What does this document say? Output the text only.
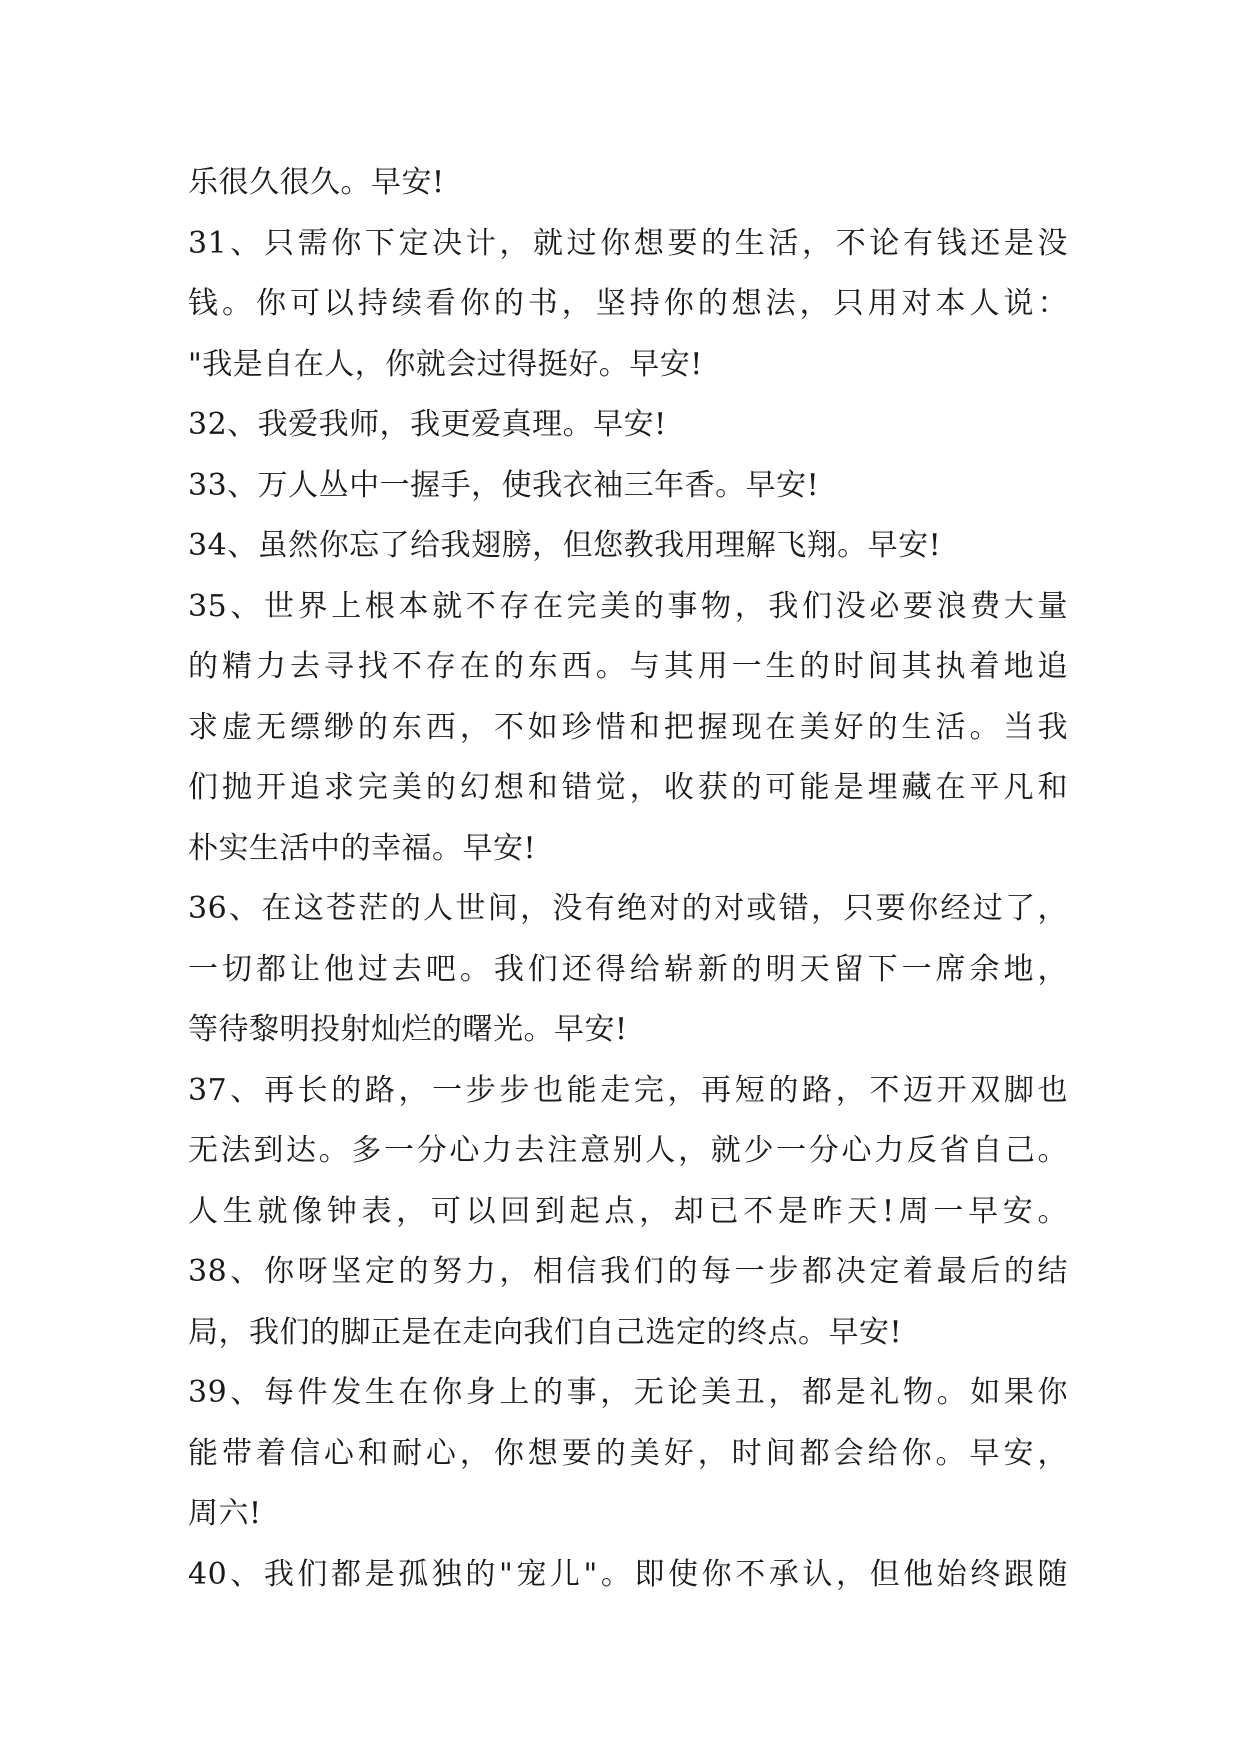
乐很久很久。早安!
31、只需你下定决计，就过你想要的生活，不论有钱还是没
钱。你可以持续看你的书，坚持你的想法，只用对本人说：
"我是自在人，你就会过得挺好。早安!
32、我爱我师，我更爱真理。早安!
33、万人丛中一握手，使我衣袖三年香。早安!
34、虽然你忘了给我翅膀，但您教我用理解飞翔。早安!
35、世界上根本就不存在完美的事物，我们没必要浪费大量
的精力去寻找不存在的东西。与其用一生的时间其执着地追
求虚无缥缈的东西，不如珍惜和把握现在美好的生活。当我
们抛开追求完美的幻想和错觉，收获的可能是埋藏在平凡和
朴实生活中的幸福。早安!
36、在这苍茫的人世间，没有绝对的对或错，只要你经过了，
一切都让他过去吧。我们还得给崭新的明天留下一席余地，
等待黎明投射灿烂的曙光。早安!
37、再长的路，一步步也能走完，再短的路，不迈开双脚也
无法到达。多一分心力去注意别人，就少一分心力反省自己。
人生就像钟表，可以回到起点，却已不是昨天!周一早安。
38、你呀坚定的努力，相信我们的每一步都决定着最后的结
局，我们的脚正是在走向我们自己选定的终点。早安!
39、每件发生在你身上的事，无论美丑，都是礼物。如果你
能带着信心和耐心，你想要的美好，时间都会给你。早安，
周六!
40、我们都是孤独的"宠儿"。即使你不承认，但他始终跟随
